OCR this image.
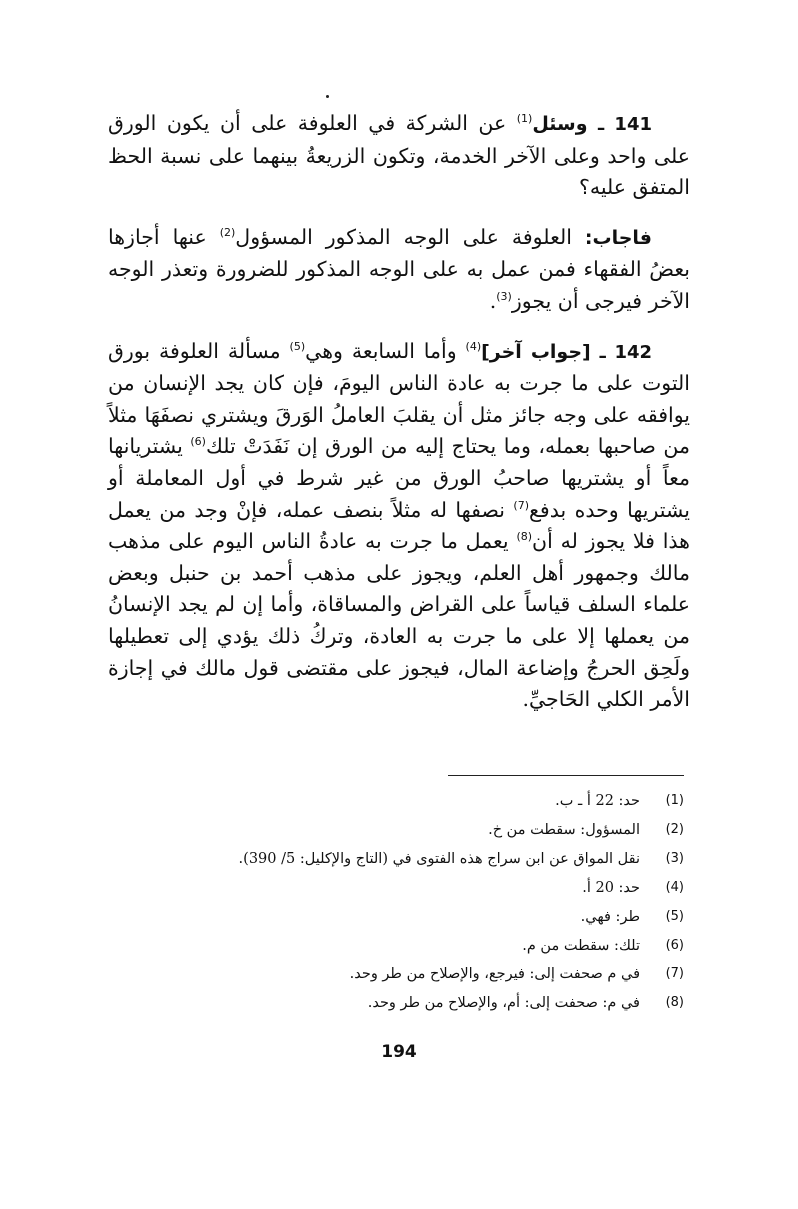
141 ـ وسئل$^{(1)}$ عن الشركة في العلوفة على أن يكون الورق على واحد وعلى الآخر الخدمة، وتكون الزريعةُ بينهما على نسبة الحظ المتفق عليه؟

فاجاب: العلوفة على الوجه المذكور المسؤول$^{(2)}$ عنها أجازها بعضُ الفقهاء فمن عمل به على الوجه المذكور للضرورة وتعذر الوجه الآخر فيرجى أن يجوز$^{(3)}$.

142 ـ [جواب آخر]$^{(4)}$ وأما السابعة وهي$^{(5)}$ مسألة العلوفة بورق التوت على ما جرت به عادة الناس اليومَ، فإن كان يجد الإنسان من يوافقه على وجه جائز مثل أن يقلبَ العاملُ الوَرقَ ويشتري نصفَهَا مثلاً من صاحبها بعمله، وما يحتاج إليه من الورق إن نَفَدَتْ تلك$^{(6)}$ يشتريانها معاً أو يشتريها صاحبُ الورق من غير شرط في أول المعاملة أو يشتريها وحده بدفع$^{(7)}$ نصفها له مثلاً بنصف عمله، فإنْ وجد من يعمل هذا فلا يجوز له أن$^{(8)}$ يعمل ما جرت به عادةُ الناس اليوم على مذهب مالك وجمهور أهل العلم، ويجوز على مذهب أحمد بن حنبل وبعض علماء السلف قياساً على القراض والمساقاة، وأما إن لم يجد الإنسانُ من يعملها إلا على ما جرت به العادة، وتركُ ذلك يؤدي إلى تعطيلها ولَحِق الحرجُ وإضاعة المال، فيجوز على مقتضى قول مالك في إجازة الأمر الكلي الحَاجيِّ.

(1)
حد: 22 أ ـ ب.
(2)
المسؤول: سقطت من خ.
(3)
نقل المواق عن ابن سراج هذه الفتوى في (التاج والإكليل: 5/ 390).
(4)
حد: 20 أ.
(5)
طر: فهي.
(6)
تلك: سقطت من م.
(7)
في م صحفت إلى: فيرجع، والإصلاح من طر وحد.
(8)
في م: صحفت إلى: أم، والإصلاح من طر وحد.
194
